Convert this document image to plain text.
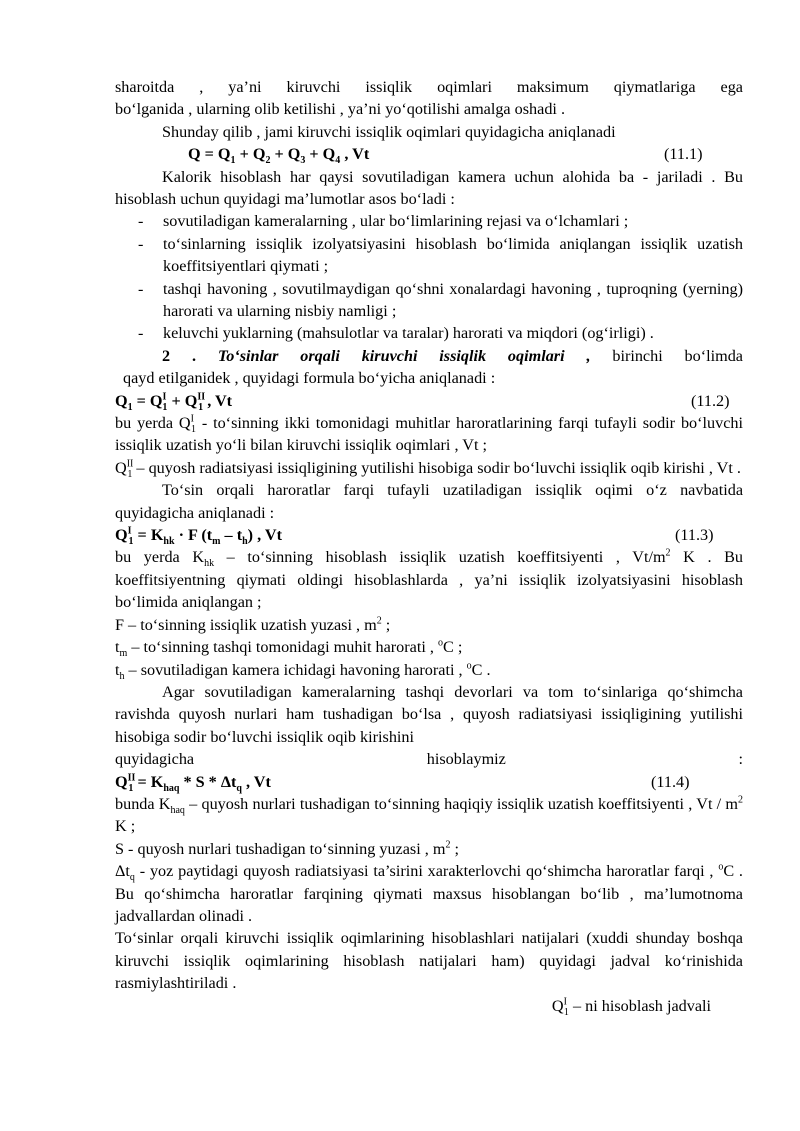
sharoitda , ya’ni kiruvchi issiqlik oqimlari maksimum qiymatlariga ega

bo‘lganida , ularning olib ketilishi , ya’ni yo‘qotilishi amalga oshadi .

Shunday qilib , jami kiruvchi issiqlik oqimlari quyidagicha aniqlanadi

$Q = Q_1 + Q_2 + Q_3 + Q_4$ , Vt	(11.1)

Kalorik hisoblash har qaysi sovutiladigan kamera uchun alohida ba - jariladi . Bu hisoblash uchun quyidagi ma’lumotlar asos bo‘ladi :

- sovutiladigan kameralarning , ular bo‘limlarining rejasi va o‘lchamlari ;
- to‘sinlarning issiqlik izolyatsiyasini hisoblash bo‘limida aniqlangan issiqlik uzatish koeffitsiyentlari qiymati ;
- tashqi havoning , sovutilmaydigan qo‘shni xonalardagi havoning , tuproqning (yerning) harorati va ularning nisbiy namligi ;
- keluvchi yuklarning (mahsulotlar va taralar) harorati va miqdori (og‘irligi) .

2 . To‘sinlar orqali kiruvchi issiqlik oqimlari , birinchi bo‘limda

qayd etilganidek , quyidagi formula bo‘yicha aniqlanadi :

$Q_1 = Q^I_1 + Q^{II}_1$ , Vt	(11.2)

bu yerda $Q^I_1$ - to‘sinning ikki tomonidagi muhitlar haroratlarining farqi tufayli sodir bo‘luvchi issiqlik uzatish yo‘li bilan kiruvchi issiqlik oqimlari , Vt ;

$Q^{II}_1$ – quyosh radiatsiyasi issiqligining yutilishi hisobiga sodir bo‘luvchi issiqlik oqib kirishi , Vt .

To‘sin orqali haroratlar farqi tufayli uzatiladigan issiqlik oqimi o‘z navbatida quyidagicha aniqlanadi :

$Q^I_1 = K_{hk} \cdot F$ $(t_m - t_h)$ , Vt	(11.3)

bu yerda $K_{hk}$ – to‘sinning hisoblash issiqlik uzatish koeffitsiyenti , $Vt/m^2$ K . Bu koeffitsiyentning qiymati oldingi hisoblashlarda , ya’ni issiqlik izolyatsiyasini hisoblash bo‘limida aniqlangan ;

F – to‘sinning issiqlik uzatish yuzasi , $m^2$ ;

$t_m$ – to‘sinning tashqi tomonidagi muhit harorati , $^o$C ;

$t_h$ – sovutiladigan kamera ichidagi havoning harorati , $^o$C .

Agar sovutiladigan kameralarning tashqi devorlari va tom to‘sinlariga qo‘shimcha ravishda quyosh nurlari ham tushadigan bo‘lsa , quyosh radiatsiyasi issiqligining yutilishi hisobiga sodir bo‘luvchi issiqlik oqib kirishini

quyidagicha hisoblaymiz :

$Q^{II}_1 = K_{haq} * S * \Delta t_q$ , Vt	(11.4)

bunda $K_{haq}$ – quyosh nurlari tushadigan to‘sinning haqiqiy issiqlik uzatish koeffitsiyenti , Vt / $m^2$ K ;

S - quyosh nurlari tushadigan to‘sinning yuzasi , $m^2$ ;

$\Delta t_q$ - yoz paytidagi quyosh radiatsiyasi ta’sirini xarakterlovchi qo‘shimcha haroratlar farqi , $^o$C . Bu qo‘shimcha haroratlar farqining qiymati maxsus hisoblangan bo‘lib , ma’lumotnoma jadvallardan olinadi .

To‘sinlar orqali kiruvchi issiqlik oqimlarining hisoblashlari natijalari (xuddi shunday boshqa kiruvchi issiqlik oqimlarining hisoblash natijalari ham) quyidagi jadval ko‘rinishida rasmiylashtiriladi .

$Q^I_1$ – ni hisoblash jadvali
